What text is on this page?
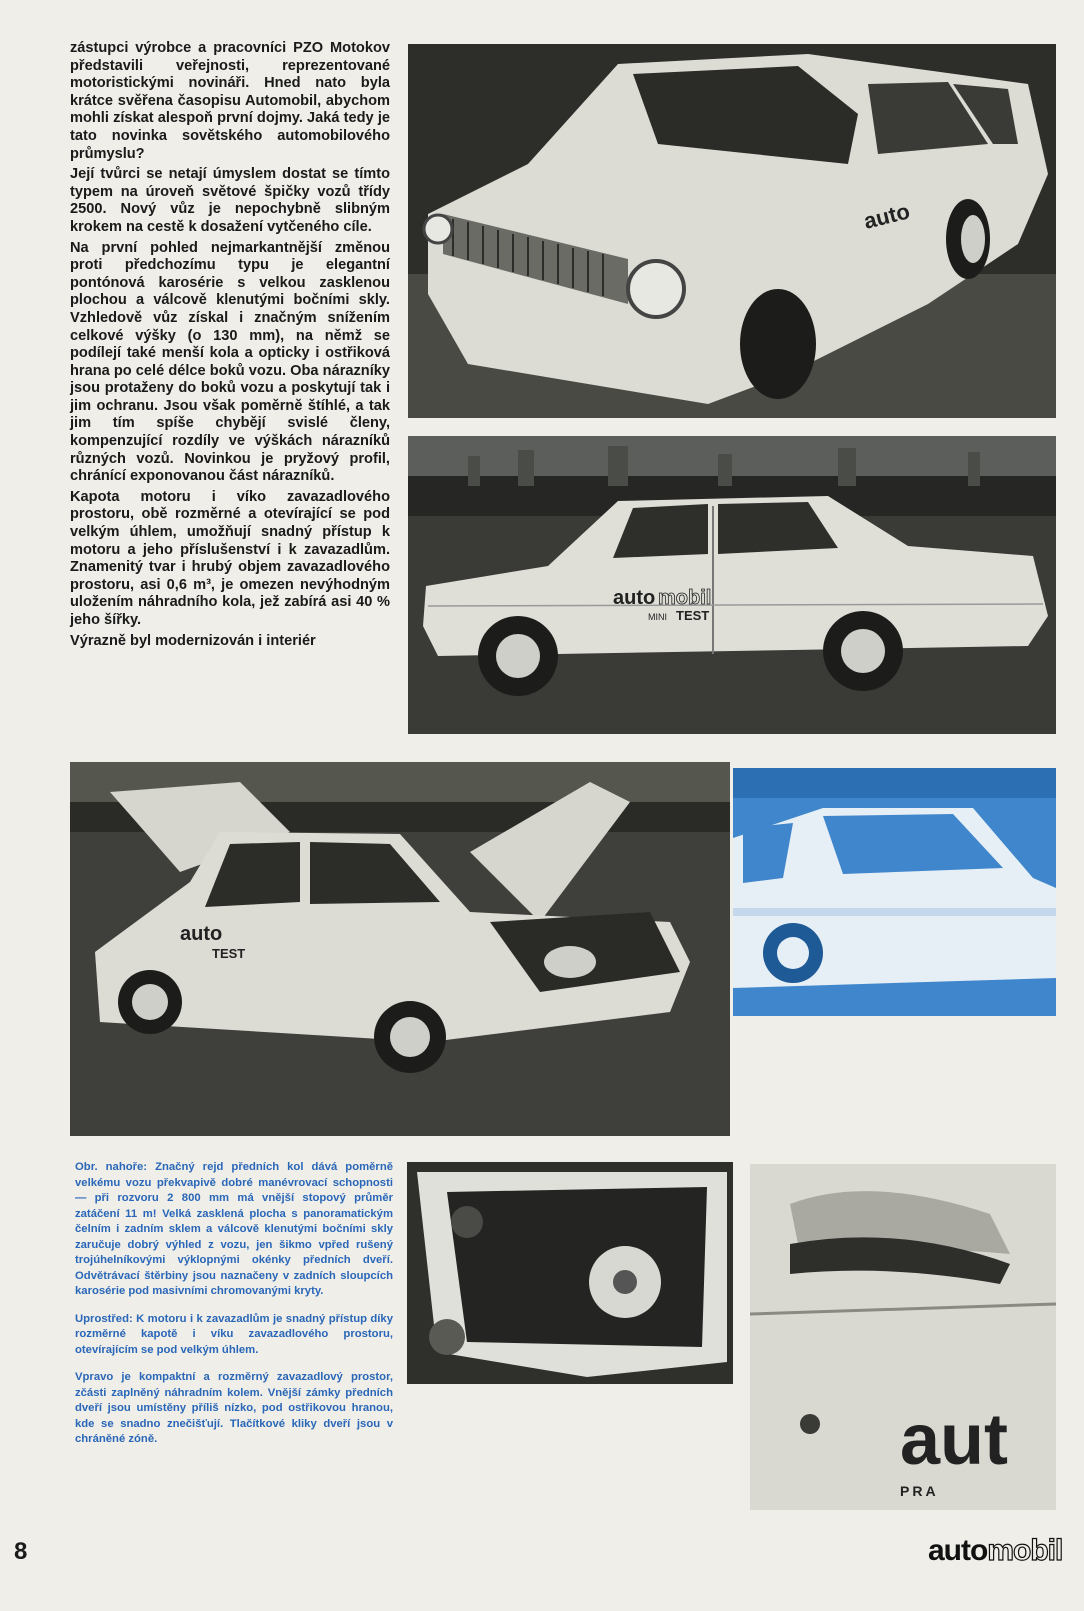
zástupci výrobce a pracovníci PZO Motokov představili veřejnosti, reprezentované motoristickými novináři. Hned nato byla krátce svěřena časopisu Automobil, abychom mohli získat alespoň první dojmy. Jaká tedy je tato novinka sovětského automobilového průmyslu?

Její tvůrci se netají úmyslem dostat se tímto typem na úroveň světové špičky vozů třídy 2500. Nový vůz je nepochybně slibným krokem na cestě k dosažení vytčeného cíle.

Na první pohled nejmarkantnější změnou proti předchozímu typu je elegantní pontónová karosérie s velkou zasklenou plochou a válcově klenutými bočními skly. Vzhledově vůz získal i značným snížením celkové výšky (o 130 mm), na němž se podílejí také menší kola a opticky i ostřiková hrana po celé délce boků vozu. Oba nárazníky jsou protaženy do boků vozu a poskytují tak i jim ochranu. Jsou však poměrně štíhlé, a tak jim tím spíše chybějí svislé členy, kompenzující rozdíly ve výškách nárazníků různých vozů. Novinkou je pryžový profil, chránící exponovanou část nárazníků.

Kapota motoru i víko zavazadlového prostoru, obě rozměrné a otevírající se pod velkým úhlem, umožňují snadný přístup k motoru a jeho příslušenství i k zavazadlům. Znamenitý tvar i hrubý objem zavazadlového prostoru, asi 0,6 m³, je omezen nevýhodným uložením náhradního kola, jež zabírá asi 40 % jeho šířky.

Výrazně byl modernizován i interiér

auto
auto mobil
MINI TEST
auto
TEST
aut
PRA

Obr. nahoře: Značný rejd předních kol dává poměrně velkému vozu překvapivě dobré manévrovací schopnosti — při rozvoru 2 800 mm má vnější stopový průměr zatáčení 11 m! Velká zasklená plocha s panoramatickým čelním i zadním sklem a válcově klenutými bočními skly zaručuje dobrý výhled z vozu, jen šikmo vpřed rušený trojúhelníkovými výklopnými okénky předních dveří. Odvětrávací štěrbiny jsou naznačeny v zadních sloupcích karosérie pod masivními chromovanými kryty.

Uprostřed: K motoru i k zavazadlům je snadný přístup díky rozměrné kapotě i víku zavazadlového prostoru, otevírajícím se pod velkým úhlem.

Vpravo je kompaktní a rozměrný zavazadlový prostor, zčásti zaplněný náhradním kolem. Vnější zámky předních dveří jsou umístěny příliš nízko, pod ostřikovou hranou, kde se snadno znečišťují. Tlačítkové kliky dveří jsou v chráněné zóně.

8	automobil
